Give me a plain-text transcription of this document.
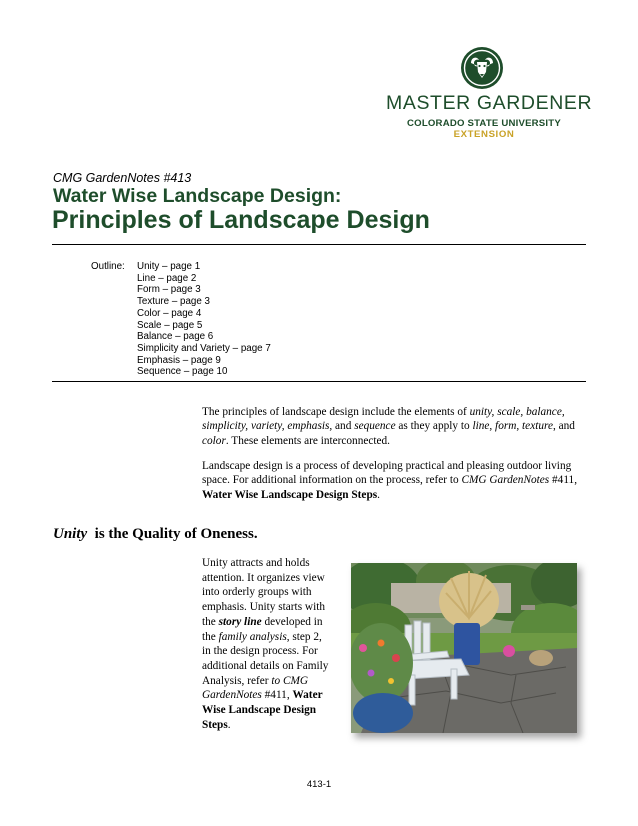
MASTER GARDENER
COLORADO STATE UNIVERSITY
EXTENSION
CMG GardenNotes #413
Water Wise Landscape Design:
Principles of Landscape Design
Outline: Unity – page 1
Line – page 2
Form – page 3
Texture – page 3
Color – page 4
Scale – page 5
Balance – page 6
Simplicity and Variety – page 7
Emphasis – page 9
Sequence – page 10
The principles of landscape design include the elements of unity, scale, balance, simplicity, variety, emphasis, and sequence as they apply to line, form, texture, and color. These elements are interconnected.
Landscape design is a process of developing practical and pleasing outdoor living space. For additional information on the process, refer to CMG GardenNotes #411, Water Wise Landscape Design Steps.
Unity  is the Quality of Oneness.
Unity attracts and holds attention. It organizes view into orderly groups with emphasis. Unity starts with the story line developed in the family analysis, step 2, in the design process. For additional details on Family Analysis, refer to CMG GardenNotes #411, Water Wise Landscape Design Steps.
413-1
